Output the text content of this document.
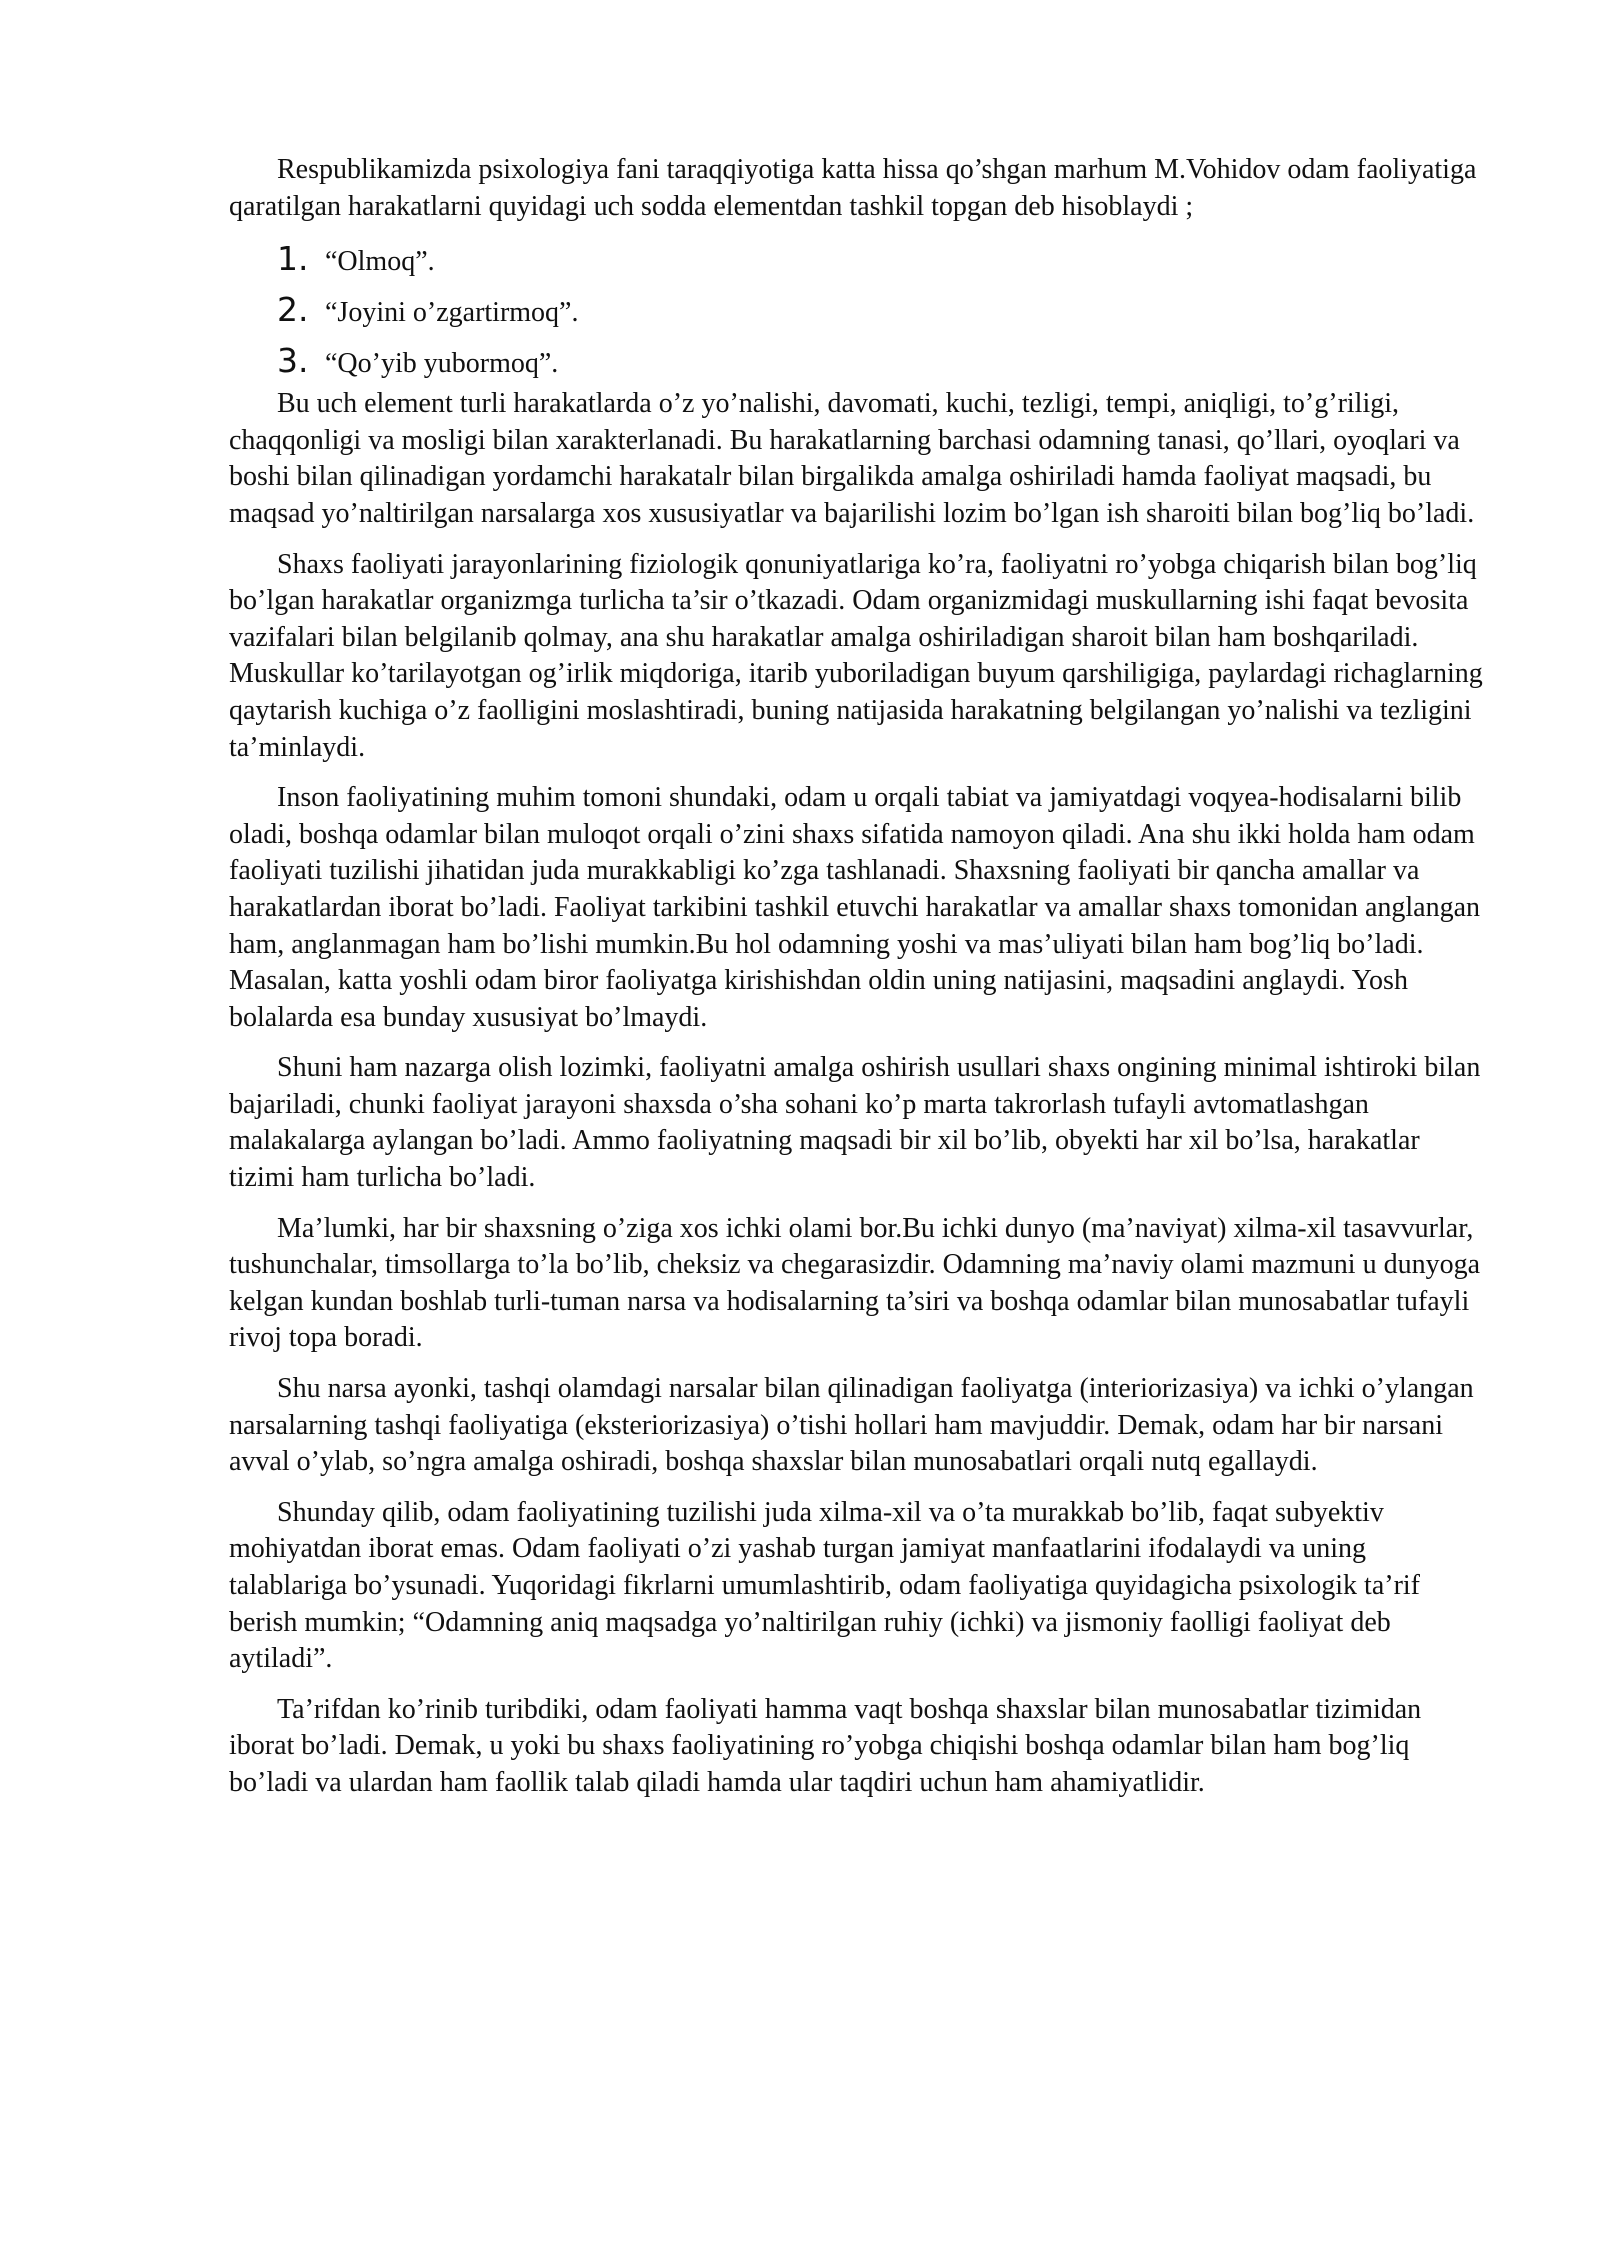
Respublikamizda psixologiya fani taraqqiyotiga katta hissa qo’shgan marhum M.Vohidov odam faoliyatiga qaratilgan harakatlarni quyidagi uch sodda elementdan tashkil topgan deb hisoblaydi ;

1. “Olmoq”.
2. “Joyini o’zgartirmoq”.
3. “Qo’yib yubormoq”.

Bu uch element turli harakatlarda o’z yo’nalishi, davomati, kuchi, tezligi, tempi, aniqligi, to’g’riligi, chaqqonligi va mosligi bilan xarakterlanadi. Bu harakatlarning barchasi odamning tanasi, qo’llari, oyoqlari va boshi bilan qilinadigan yordamchi harakatalr bilan birgalikda amalga oshiriladi hamda faoliyat maqsadi, bu maqsad yo’naltirilgan narsalarga xos xususiyatlar va bajarilishi lozim bo’lgan ish sharoiti bilan bog’liq bo’ladi.

Shaxs faoliyati jarayonlarining fiziologik qonuniyatlariga ko’ra, faoliyatni ro’yobga chiqarish bilan bog’liq bo’lgan harakatlar organizmga turlicha ta’sir o’tkazadi. Odam organizmidagi muskullarning ishi faqat bevosita vazifalari bilan belgilanib qolmay, ana shu harakatlar amalga oshiriladigan sharoit bilan ham boshqariladi. Muskullar ko’tarilayotgan og’irlik miqdoriga, itarib yuboriladigan buyum qarshiligiga, paylardagi richaglarning qaytarish kuchiga o’z faolligini moslashtiradi, buning natijasida harakatning belgilangan yo’nalishi va tezligini ta’minlaydi.

Inson faoliyatining muhim tomoni shundaki, odam u orqali tabiat va jamiyatdagi voqyea-hodisalarni bilib oladi, boshqa odamlar bilan muloqot orqali o’zini shaxs sifatida namoyon qiladi. Ana shu ikki holda ham odam faoliyati tuzilishi jihatidan juda murakkabligi ko’zga tashlanadi. Shaxsning faoliyati bir qancha amallar va harakatlardan iborat bo’ladi. Faoliyat tarkibini tashkil etuvchi harakatlar va amallar shaxs tomonidan anglangan ham, anglanmagan ham bo’lishi mumkin.Bu hol odamning yoshi va mas’uliyati bilan ham bog’liq bo’ladi. Masalan, katta yoshli odam biror faoliyatga kirishishdan oldin uning natijasini, maqsadini anglaydi. Yosh bolalarda esa bunday xususiyat bo’lmaydi.

Shuni ham nazarga olish lozimki, faoliyatni amalga oshirish usullari shaxs ongining minimal ishtiroki bilan bajariladi, chunki faoliyat jarayoni shaxsda o’sha sohani ko’p marta takrorlash tufayli avtomatlashgan malakalarga aylangan bo’ladi. Ammo faoliyatning maqsadi bir xil bo’lib, obyekti har xil bo’lsa, harakatlar tizimi ham turlicha bo’ladi.

Ma’lumki, har bir shaxsning o’ziga xos ichki olami bor.Bu ichki dunyo (ma’naviyat) xilma-xil tasavvurlar, tushunchalar, timsollarga to’la bo’lib, cheksiz va chegarasizdir. Odamning ma’naviy olami mazmuni u dunyoga kelgan kundan boshlab turli-tuman narsa va hodisalarning ta’siri va boshqa odamlar bilan munosabatlar tufayli rivoj topa boradi.

Shu narsa ayonki, tashqi olamdagi narsalar bilan qilinadigan faoliyatga (interiorizasiya) va ichki o’ylangan narsalarning tashqi faoliyatiga (eksteriorizasiya) o’tishi hollari ham mavjuddir. Demak, odam har bir narsani avval o’ylab, so’ngra amalga oshiradi, boshqa shaxslar bilan munosabatlari orqali nutq egallaydi.

Shunday qilib, odam faoliyatining tuzilishi juda xilma-xil va o’ta murakkab bo’lib, faqat subyektiv mohiyatdan iborat emas. Odam faoliyati o’zi yashab turgan jamiyat manfaatlarini ifodalaydi va uning talablariga bo’ysunadi. Yuqoridagi fikrlarni umumlashtirib, odam faoliyatiga quyidagicha psixologik ta’rif berish mumkin; “Odamning aniq maqsadga yo’naltirilgan ruhiy (ichki) va jismoniy faolligi faoliyat deb aytiladi”.

Ta’rifdan ko’rinib turibdiki, odam faoliyati hamma vaqt boshqa shaxslar bilan munosabatlar tizimidan iborat bo’ladi. Demak, u yoki bu shaxs faoliyatining ro’yobga chiqishi boshqa odamlar bilan ham bog’liq bo’ladi va ulardan ham faollik talab qiladi hamda ular taqdiri uchun ham ahamiyatlidir.
